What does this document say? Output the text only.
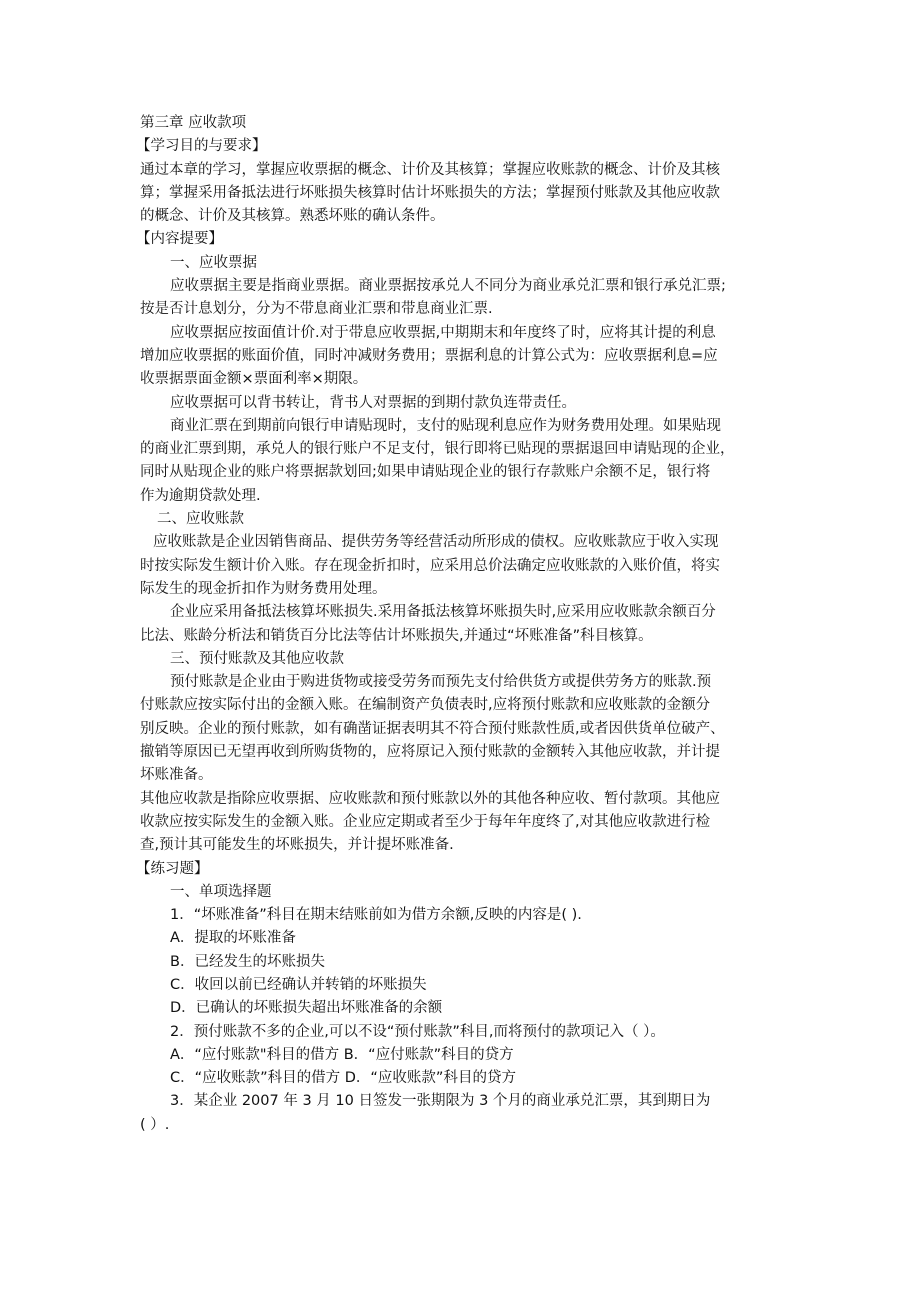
第三章 应收款项

【学习目的与要求】

通过本章的学习，掌握应收票据的概念、计价及其核算；掌握应收账款的概念、计价及其核

算；掌握采用备抵法进行坏账损失核算时估计坏账损失的方法；掌握预付账款及其他应收款

的概念、计价及其核算。熟悉坏账的确认条件。

【内容提要】

一、应收票据

应收票据主要是指商业票据。商业票据按承兑人不同分为商业承兑汇票和银行承兑汇票;

按是否计息划分，分为不带息商业汇票和带息商业汇票.

应收票据应按面值计价.对于带息应收票据,中期期末和年度终了时，应将其计提的利息

增加应收票据的账面价值，同时冲减财务费用；票据利息的计算公式为：应收票据利息=应

收票据票面金额×票面利率×期限。

应收票据可以背书转让，背书人对票据的到期付款负连带责任。

商业汇票在到期前向银行申请贴现时，支付的贴现利息应作为财务费用处理。如果贴现

的商业汇票到期，承兑人的银行账户不足支付，银行即将已贴现的票据退回申请贴现的企业，

同时从贴现企业的账户将票据款划回;如果申请贴现企业的银行存款账户余额不足，银行将

作为逾期贷款处理.

二、应收账款

应收账款是企业因销售商品、提供劳务等经营活动所形成的债权。应收账款应于收入实现

时按实际发生额计价入账。存在现金折扣时，应采用总价法确定应收账款的入账价值，将实

际发生的现金折扣作为财务费用处理。

企业应采用备抵法核算坏账损失.采用备抵法核算坏账损失时,应采用应收账款余额百分

比法、账龄分析法和销货百分比法等估计坏账损失,并通过“坏账准备”科目核算。

三、预付账款及其他应收款

预付账款是企业由于购进货物或接受劳务而预先支付给供货方或提供劳务方的账款.预

付账款应按实际付出的金额入账。在编制资产负债表时,应将预付账款和应收账款的金额分

别反映。企业的预付账款，如有确凿证据表明其不符合预付账款性质,或者因供货单位破产、

撤销等原因已无望再收到所购货物的，应将原记入预付账款的金额转入其他应收款，并计提

坏账准备。

其他应收款是指除应收票据、应收账款和预付账款以外的其他各种应收、暂付款项。其他应

收款应按实际发生的金额入账。企业应定期或者至少于每年年度终了,对其他应收款进行检

查,预计其可能发生的坏账损失，并计提坏账准备.

【练习题】

一、单项选择题

1．“坏账准备”科目在期末结账前如为借方余额,反映的内容是( ).

A．提取的坏账准备

B．已经发生的坏账损失

C．收回以前已经确认并转销的坏账损失

D．已确认的坏账损失超出坏账准备的余额

2．预付账款不多的企业,可以不设“预付账款”科目,而将预付的款项记入（ ）。

A．“应付账款"科目的借方 B．“应付账款”科目的贷方

C．“应收账款”科目的借方 D．“应收账款”科目的贷方

3．某企业 2007 年 3 月 10 日签发一张期限为 3 个月的商业承兑汇票，其到期日为

( ）.
